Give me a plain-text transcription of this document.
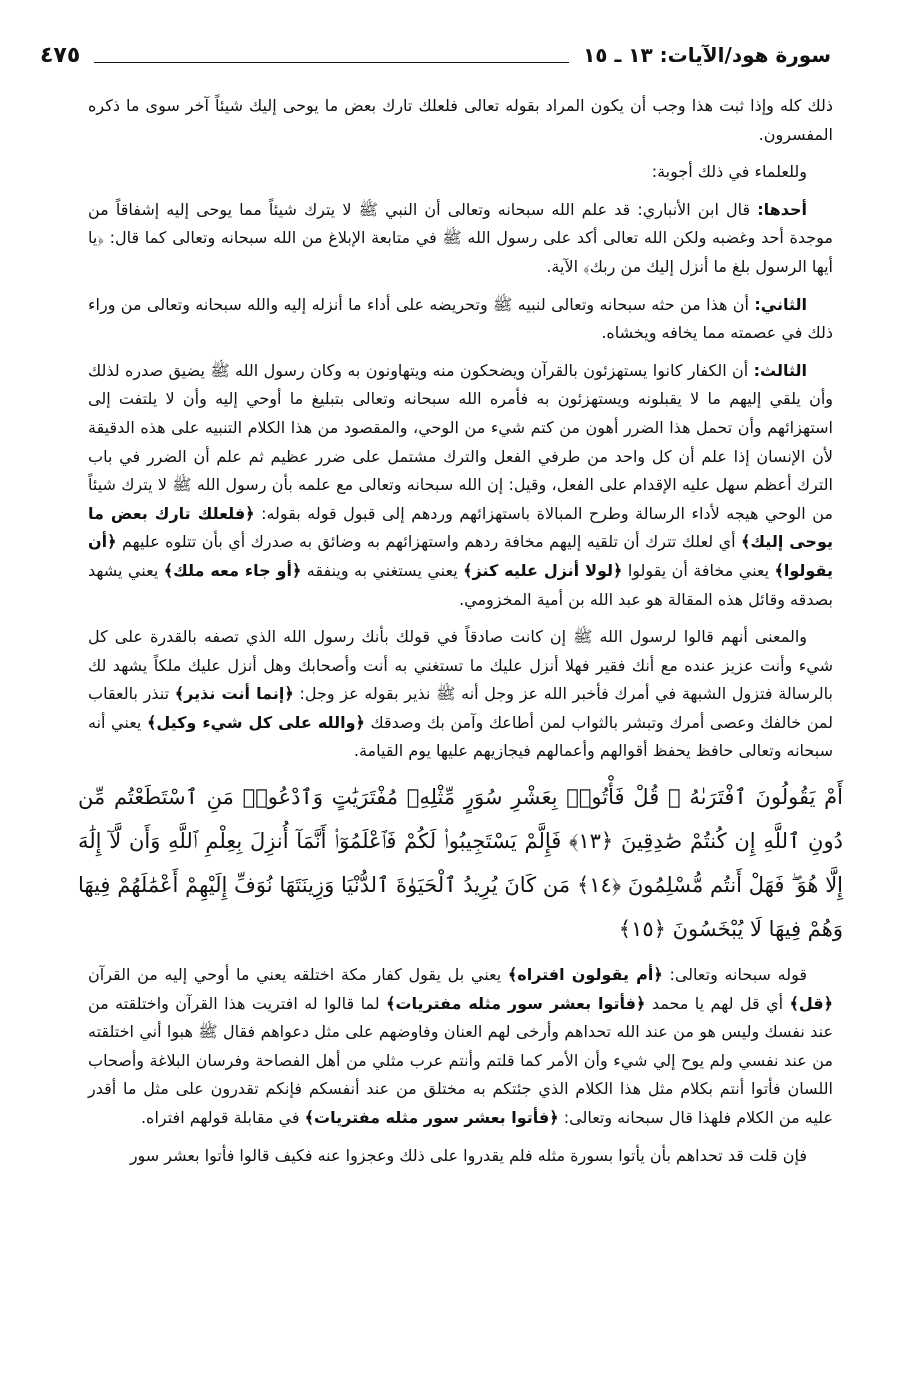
سورة هود/الآيات: ١٣ ـ ١٥
٤٧٥

ذلك كله وإذا ثبت هذا وجب أن يكون المراد بقوله تعالى فلعلك تارك بعض ما يوحى إليك شيئاً آخر سوى ما ذكره المفسرون.

وللعلماء في ذلك أجوبة:

أحدها: قال ابن الأنباري: قد علم الله سبحانه وتعالى أن النبي ﷺ لا يترك شيئاً مما يوحى إليه إشفاقاً من موجدة أحد وغضبه ولكن الله تعالى أكد على رسول الله ﷺ في متابعة الإبلاغ من الله سبحانه وتعالى كما قال: ﴿يا أيها الرسول بلغ ما أنزل إليك من ربك﴾ الآية.

الثاني: أن هذا من حثه سبحانه وتعالى لنبيه ﷺ وتحريضه على أداء ما أنزله إليه والله سبحانه وتعالى من وراء ذلك في عصمته مما يخافه ويخشاه.

الثالث: أن الكفار كانوا يستهزئون بالقرآن ويضحكون منه ويتهاونون به وكان رسول الله ﷺ يضيق صدره لذلك وأن يلقي إليهم ما لا يقبلونه ويستهزئون به فأمره الله سبحانه وتعالى بتبليغ ما أوحي إليه وأن لا يلتفت إلى استهزائهم وأن تحمل هذا الضرر أهون من كتم شيء من الوحي، والمقصود من هذا الكلام التنبيه على هذه الدقيقة لأن الإنسان إذا علم أن كل واحد من طرفي الفعل والترك مشتمل على ضرر عظيم ثم علم أن الضرر في باب الترك أعظم سهل عليه الإقدام على الفعل، وقيل: إن الله سبحانه وتعالى مع علمه بأن رسول الله ﷺ لا يترك شيئاً من الوحي هيجه لأداء الرسالة وطرح المبالاة باستهزائهم وردهم إلى قبول قوله بقوله: ﴿فلعلك تارك بعض ما يوحى إليك﴾ أي لعلك تترك أن تلقيه إليهم مخافة ردهم واستهزائهم به وضائق به صدرك أي بأن تتلوه عليهم ﴿أن يقولوا﴾ يعني مخافة أن يقولوا ﴿لولا أنزل عليه كنز﴾ يعني يستغني به وينفقه ﴿أو جاء معه ملك﴾ يعني يشهد بصدقه وقائل هذه المقالة هو عبد الله بن أمية المخزومي.

والمعنى أنهم قالوا لرسول الله ﷺ إن كانت صادقاً في قولك بأنك رسول الله الذي تصفه بالقدرة على كل شيء وأنت عزيز عنده مع أنك فقير فهلا أنزل عليك ما تستغني به أنت وأصحابك وهل أنزل عليك ملكاً يشهد لك بالرسالة فتزول الشبهة في أمرك فأخبر الله عز وجل أنه ﷺ نذير بقوله عز وجل: ﴿إنما أنت نذير﴾ تنذر بالعقاب لمن خالفك وعصى أمرك وتبشر بالثواب لمن أطاعك وآمن بك وصدقك ﴿والله على كل شيء وكيل﴾ يعني أنه سبحانه وتعالى حافظ يحفظ أقوالهم وأعمالهم فيجازيهم عليها يوم القيامة.

أَمْ يَقُولُونَ ٱفْتَرَىٰهُ ۖ قُلْ فَأْتُوا۟ بِعَشْرِ سُوَرٍ مِّثْلِهِۦ مُفْتَرَيَٰتٍ وَٱدْعُوا۟ مَنِ ٱسْتَطَعْتُم مِّن دُونِ ٱللَّهِ إِن كُنتُمْ صَٰدِقِينَ ﴿١٣﴾ فَإِلَّمْ يَسْتَجِيبُوا۟ لَكُمْ فَٱعْلَمُوٓا۟ أَنَّمَآ أُنزِلَ بِعِلْمِ ٱللَّهِ وَأَن لَّآ إِلَٰهَ إِلَّا هُوَ ۖ فَهَلْ أَنتُم مُّسْلِمُونَ ﴿١٤﴾ مَن كَانَ يُرِيدُ ٱلْحَيَوٰةَ ٱلدُّنْيَا وَزِينَتَهَا نُوَفِّ إِلَيْهِمْ أَعْمَٰلَهُمْ فِيهَا وَهُمْ فِيهَا لَا يُبْخَسُونَ ﴿١٥﴾

قوله سبحانه وتعالى: ﴿أم يقولون افتراه﴾ يعني بل يقول كفار مكة اختلقه يعني ما أوحي إليه من القرآن ﴿قل﴾ أي قل لهم يا محمد ﴿فأتوا بعشر سور مثله مفتريات﴾ لما قالوا له افتريت هذا القرآن واختلقته من عند نفسك وليس هو من عند الله تحداهم وأرخى لهم العنان وفاوضهم على مثل دعواهم فقال ﷺ هبوا أني اختلقته من عند نفسي ولم يوح إلي شيء وأن الأمر كما قلتم وأنتم عرب مثلي من أهل الفصاحة وفرسان البلاغة وأصحاب اللسان فأتوا أنتم بكلام مثل هذا الكلام الذي جئتكم به مختلق من عند أنفسكم فإنكم تقدرون على مثل ما أقدر عليه من الكلام فلهذا قال سبحانه وتعالى: ﴿فأتوا بعشر سور مثله مفتريات﴾ في مقابلة قولهم افتراه.

فإن قلت قد تحداهم بأن يأتوا بسورة مثله فلم يقدروا على ذلك وعجزوا عنه فكيف قالوا فأتوا بعشر سور
